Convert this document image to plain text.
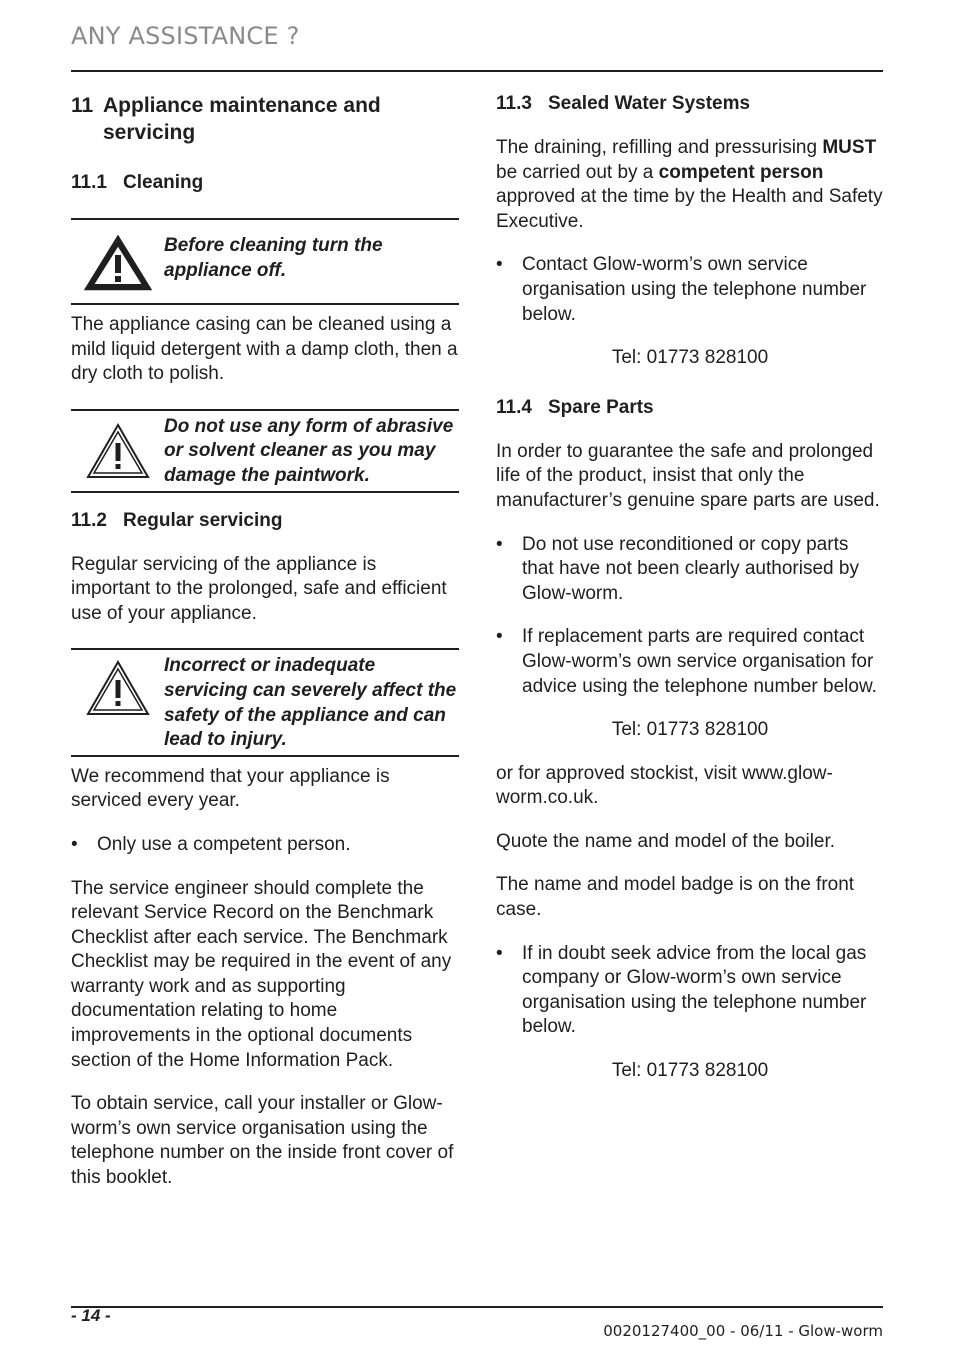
ANY ASSISTANCE ?
11 Appliance maintenance and servicing
11.1 Cleaning
Before cleaning turn the appliance off.

The appliance casing can be cleaned using a mild liquid detergent with a damp cloth, then a dry cloth to polish.

Do not use any form of abrasive or solvent cleaner as you may damage the paintwork.
11.2 Regular servicing

Regular servicing of the appliance is important to the prolonged, safe and efficient use of your appliance.

Incorrect or inadequate servicing can severely affect the safety of the appliance and can lead to injury.

We recommend that your appliance is serviced every year.

•	Only use a competent person.

The service engineer should complete the relevant Service Record on the Benchmark Checklist after each service. The Benchmark Checklist may be required in the event of any warranty work and as supporting documentation relating to home improvements in the optional documents section of the Home Information Pack.

To obtain service, call your installer or Glow-worm’s own service organisation using the telephone number on the inside front cover of this booklet.

11.3 Sealed Water Systems

The draining, refilling and pressurising MUST be carried out by a competent person approved at the time by the Health and Safety Executive.

•	Contact Glow-worm’s own service organisation using the telephone number below.

Tel: 01773 828100

11.4 Spare Parts

In order to guarantee the safe and prolonged life of the product, insist that only the manufacturer’s genuine spare parts are used.

•	Do not use reconditioned or copy parts that have not been clearly authorised by Glow-worm.
•	If replacement parts are required contact Glow-worm’s own service organisation for advice using the telephone number below.

Tel: 01773 828100

or for approved stockist, visit www.glow-worm.co.uk.

Quote the name and model of the boiler.

The name and model badge is on the front case.

•	If in doubt seek advice from the local gas company or Glow-worm’s own service organisation using the telephone number below.

Tel: 01773 828100

- 14 -
0020127400_00 - 06/11 - Glow-worm
